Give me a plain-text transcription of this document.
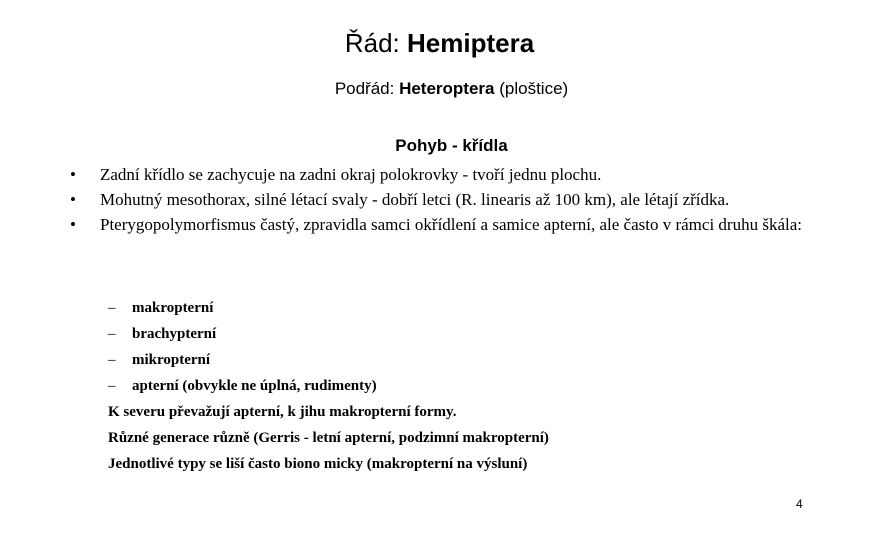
Řád: Hemiptera
Podřád: Heteroptera (ploštice)
Pohyb - křídla
• Zadní křídlo se zachycuje na zadni okraj polokrovky - tvoří jednu plochu.
• Mohutný mesothorax, silné létací svaly - dobří letci (R. linearis až 100 km), ale létají zřídka.
• Pterygopolymorfismus častý, zpravidla samci okřídlení a samice apterní, ale často v rámci druhu škála:
– makropterní
– brachypterní
– mikropterní
– apterní (obvykle ne úplná, rudimenty)
K severu převažují apterní, k jihu makropterní formy.
Různé generace různě (Gerris - letní apterní, podzimní makropterní)
Jednotlivé typy se liší často biono micky (makropterní na výsluní)
4
